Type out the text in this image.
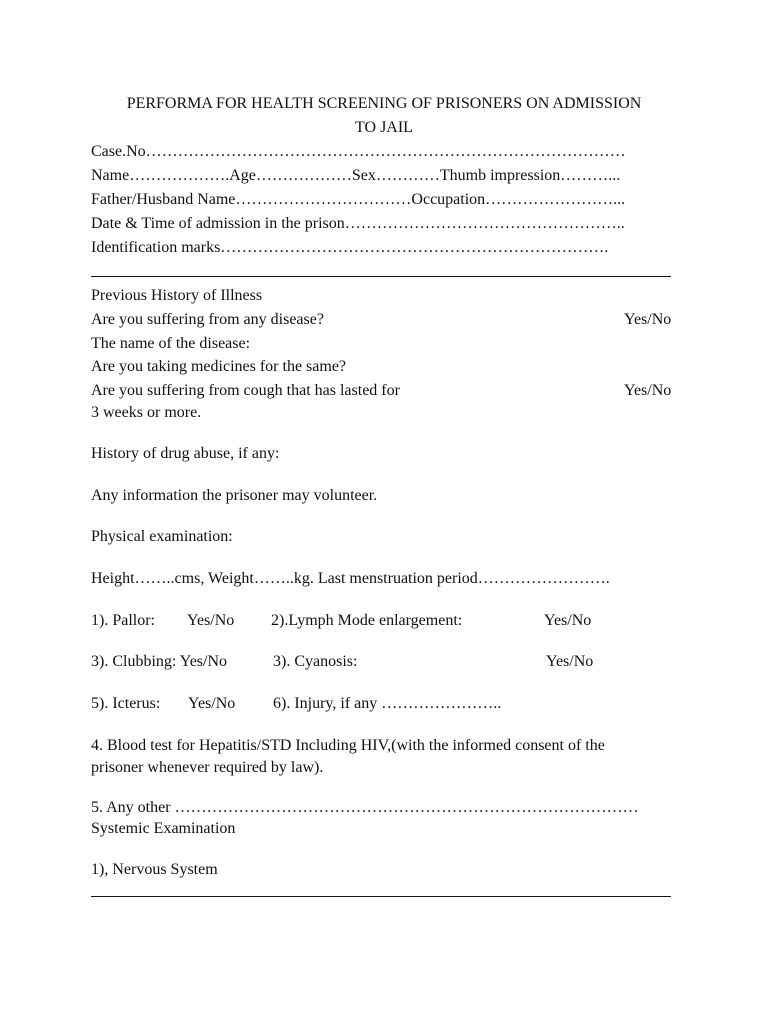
PERFORMA FOR HEALTH SCREENING OF PRISONERS ON ADMISSION
TO JAIL
Case.No………………………………………………………………………………
Name……………….Age………………Sex…………Thumb impression………...
Father/Husband Name……………………………Occupation……………………...
Date & Time of admission in the prison……………………………………………..
Identification marks……………………………………………………………….
Previous History of Illness
Are you suffering from any disease?	Yes/No
The name of the disease:
Are you taking medicines for the same?
Are you suffering from cough that has lasted for	Yes/No
3 weeks or more.
History of drug abuse, if any:
Any information the prisoner may volunteer.
Physical examination:
Height……..cms, Weight……..kg. Last menstruation period…………………….
1). Pallor: Yes/No 2).Lymph Mode enlargement:	Yes/No
3). Clubbing: Yes/No	3). Cyanosis:	Yes/No
5). Icterus: Yes/No 6). Injury, if any …………………..
4. Blood test for Hepatitis/STD Including HIV,(with the informed consent of the
prisoner whenever required by law).
5. Any other ……………………………………………………………………………
Systemic Examination
1), Nervous System
